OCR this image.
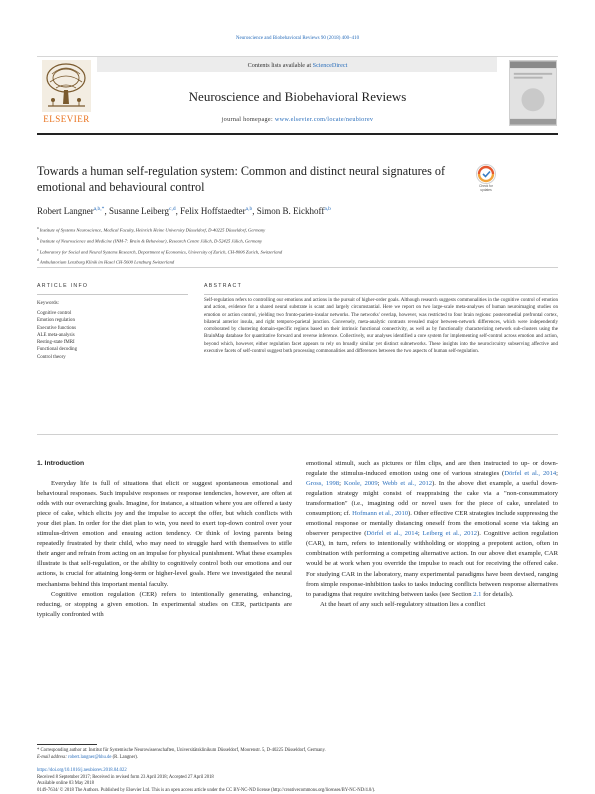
Neuroscience and Biobehavioral Reviews 90 (2018) 400–410
Contents lists available at ScienceDirect
Neuroscience and Biobehavioral Reviews
journal homepage: www.elsevier.com/locate/neubiorev
ELSEVIER
Towards a human self-regulation system: Common and distinct neural signatures of emotional and behavioural control	Check for
updates
Robert Langner$^{a,b,*}$, Susanne Leiberg$^{c,d}$, Felix Hoffstaedter$^{a,b}$, Simon B. Eickhoff$^{a,b}$
$^a$ Institute of Systems Neuroscience, Medical Faculty, Heinrich Heine University Düsseldorf, D-40225 Düsseldorf, Germany
$^b$ Institute of Neuroscience and Medicine (INM-7: Brain & Behaviour), Research Centre Jülich, D-52425 Jülich, Germany
$^c$ Laboratory for Social and Neural Systems Research, Department of Economics, University of Zurich, CH-8006 Zurich, Switzerland
$^d$ Ambulatorium Lenzburg Klinik im Hasel CH-5600 Lenzburg Switzerland
ARTICLE INFO
Keywords:
Cognitive control
Emotion regulation
Executive functions
ALE meta-analysis
Resting-state fMRI
Functional decoding
Control theory
ABSTRACT
Self-regulation refers to controlling our emotions and actions in the pursuit of higher-order goals. Although research suggests commonalities in the cognitive control of emotion and action, evidence for a shared neural substrate is scant and largely circumstantial. Here we report on two large-scale meta-analyses of human neuroimaging studies on emotion or action control, yielding two fronto-parieto-insular networks. The networks' overlap, however, was restricted to four brain regions: posteromedial prefrontal cortex, bilateral anterior insula, and right temporo-parietal junction. Conversely, meta-analytic contrasts revealed major between-network differences, which were independently corroborated by clustering domain-specific regions based on their intrinsic functional connectivity, as well as by functionally characterizing network sub-clusters using the BrainMap database for quantitative forward and reverse inference. Collectively, our analyses identified a core system for implementing self-control across emotion and action, beyond which, however, either regulation facet appears to rely on broadly similar yet distinct subnetworks. These insights into the neurocircuitry subserving affective and executive facets of self-control suggest both processing commonalities and differences between the two aspects of human self-regulation.

1. Introduction

Everyday life is full of situations that elicit or suggest spontaneous emotional and behavioural responses. Such impulsive responses or response tendencies, however, are often at odds with our overarching goals. Imagine, for instance, a situation where you are offered a tasty piece of cake, which elicits joy and the impulse to accept the offer, but which conflicts with your diet plan. In order for the diet plan to win, you need to exert top-down control over your stimulus-driven emotion and ensuing action tendency. Or think of loving parents being repeatedly frustrated by their child, who may need to struggle hard with themselves to stifle their anger and refrain from acting on an impulse for physical punishment. What these examples illustrate is that self-regulation, or the ability to cognitively control both our emotions and our actions, is crucial for attaining long-term or higher-level goals. Here we investigated the neural mechanisms behind this important mental faculty.

Cognitive emotion regulation (CER) refers to intentionally generating, enhancing, reducing, or stopping a given emotion. In experimental studies on CER, participants are typically confronted with

emotional stimuli, such as pictures or film clips, and are then instructed to up- or down-regulate the stimulus-induced emotion using one of various strategies (Dörfel et al., 2014; Gross, 1998; Koole, 2009; Webb et al., 2012). In the above diet example, a useful down-regulation strategy might consist of reappraising the cake via a "non-consummatory transformation" (i.e., imagining odd or novel uses for the piece of cake, unrelated to consumption; cf. Hofmann et al., 2010). Other effective CER strategies include suppressing the emotional response or mentally distancing oneself from the emotional scene via taking an observer perspective (Dörfel et al., 2014; Leiberg et al., 2012). Cognitive action regulation (CAR), in turn, refers to intentionally withholding or stopping a prepotent action, often in combination with performing a competing alternative action. In our above diet example, CAR would be at work when you override the impulse to reach out for receiving the offered cake. For studying CAR in the laboratory, many experimental paradigms have been devised, ranging from simple response-inhibition tasks to tasks inducing conflicts between response alternatives to paradigms that require switching between tasks (see Section 2.1 for details).

At the heart of any such self-regulatory situation lies a conflict

* Corresponding author at: Institut für Systemische Neurowissenschaften, Universitätsklinikum Düsseldorf, Moorenstr. 5, D-40225 Düsseldorf, Germany.
E-mail address: robert.langner@hhu.de (R. Langner).
https://doi.org/10.1016/j.neubiorev.2018.04.022
Received 8 September 2017; Received in revised form 23 April 2018; Accepted 27 April 2018
Available online 03 May 2018
0149-7634/ © 2018 The Authors. Published by Elsevier Ltd. This is an open access article under the CC BY-NC-ND license (http://creativecommons.org/licenses/BY-NC-ND/4.0/).
